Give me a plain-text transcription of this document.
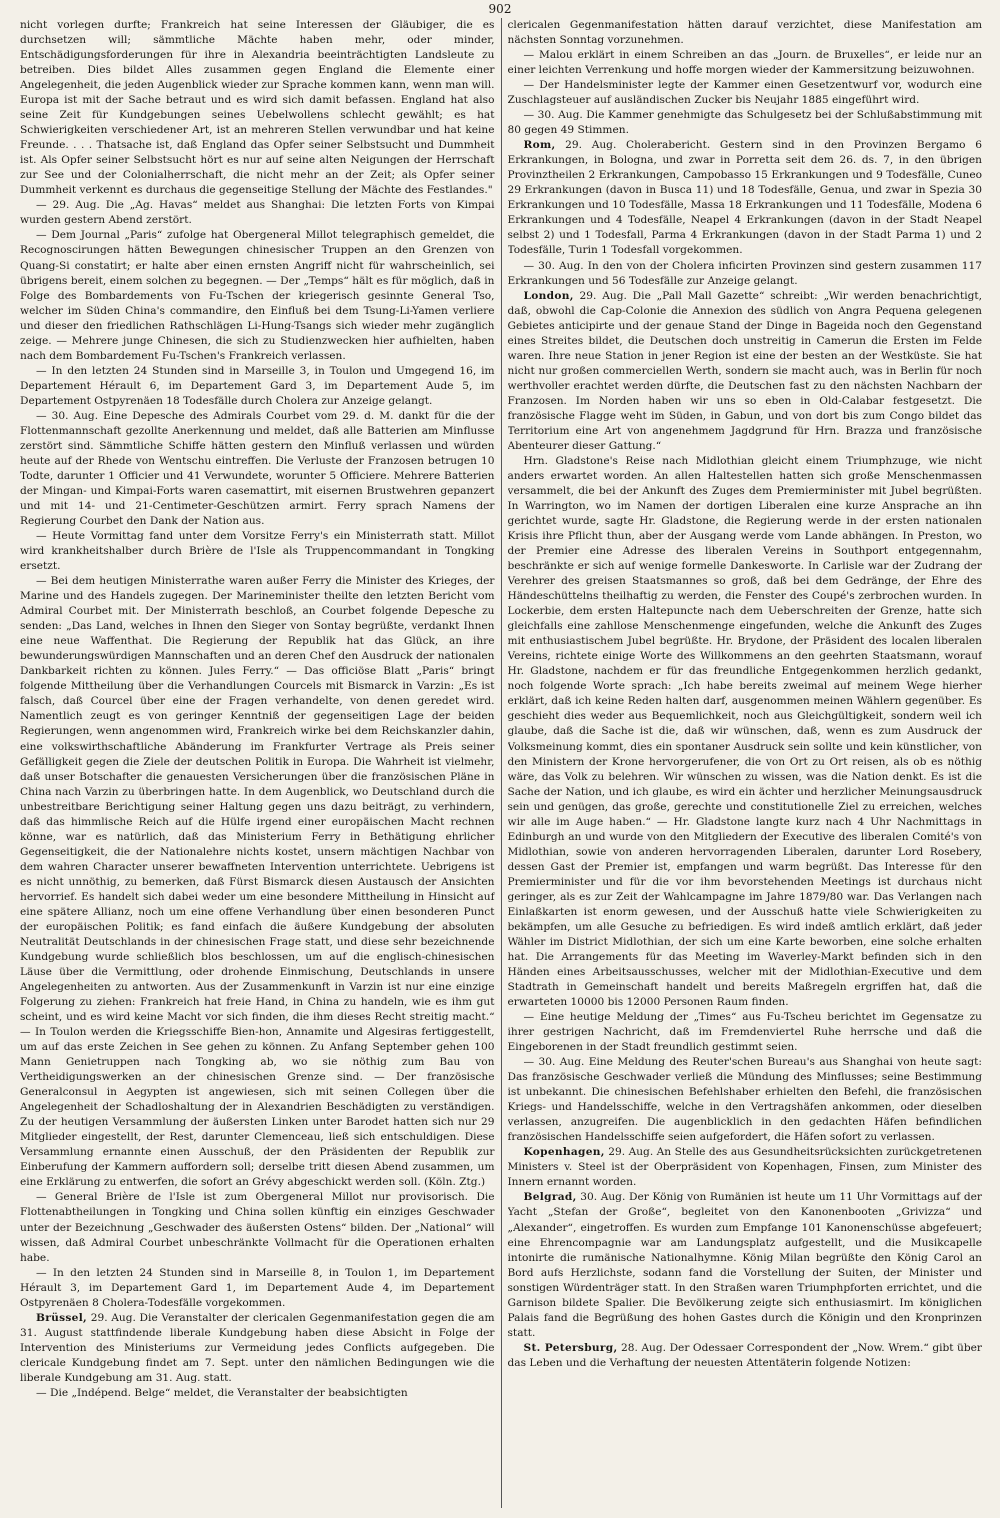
902

nicht vorlegen durfte; Frankreich hat seine Interessen der Gläubiger, die es durchsetzen will; sämmtliche Mächte haben mehr, oder minder, Entschädigungsforderungen für ihre in Alexandria beeinträchtigten Landsleute zu betreiben. Dies bildet Alles zusammen gegen England die Elemente einer Angelegenheit, die jeden Augenblick wieder zur Sprache kommen kann, wenn man will. Europa ist mit der Sache betraut und es wird sich damit befassen. England hat also seine Zeit für Kundgebungen seines Uebelwollens schlecht gewählt; es hat Schwierigkeiten verschiedener Art, ist an mehreren Stellen verwundbar und hat keine Freunde. . . . Thatsache ist, daß England das Opfer seiner Selbstsucht und Dummheit ist. Als Opfer seiner Selbstsucht hört es nur auf seine alten Neigungen der Herrschaft zur See und der Colonialherrschaft, die nicht mehr an der Zeit; als Opfer seiner Dummheit verkennt es durchaus die gegenseitige Stellung der Mächte des Festlandes."

— 29. Aug. Die „Ag. Havas“ meldet aus Shanghai: Die letzten Forts von Kimpai wurden gestern Abend zerstört.

— Dem Journal „Paris“ zufolge hat Obergeneral Millot telegraphisch gemeldet, die Recognoscirungen hätten Bewegungen chinesischer Truppen an den Grenzen von Quang-Si constatirt; er halte aber einen ernsten Angriff nicht für wahrscheinlich, sei übrigens bereit, einem solchen zu begegnen. — Der „Temps“ hält es für möglich, daß in Folge des Bombardements von Fu-Tschen der kriegerisch gesinnte General Tso, welcher im Süden China's commandire, den Einfluß bei dem Tsung-Li-Yamen verliere und dieser den friedlichen Rathschlägen Li-Hung-Tsangs sich wieder mehr zugänglich zeige. — Mehrere junge Chinesen, die sich zu Studienzwecken hier aufhielten, haben nach dem Bombardement Fu-Tschen's Frankreich verlassen.

— In den letzten 24 Stunden sind in Marseille 3, in Toulon und Umgegend 16, im Departement Hérault 6, im Departement Gard 3, im Departement Aude 5, im Departement Ostpyrenäen 18 Todesfälle durch Cholera zur Anzeige gelangt.

— 30. Aug. Eine Depesche des Admirals Courbet vom 29. d. M. dankt für die der Flottenmannschaft gezollte Anerkennung und meldet, daß alle Batterien am Minflusse zerstört sind. Sämmtliche Schiffe hätten gestern den Minfluß verlassen und würden heute auf der Rhede von Wentschu eintreffen. Die Verluste der Franzosen betrugen 10 Todte, darunter 1 Officier und 41 Verwundete, worunter 5 Officiere. Mehrere Batterien der Mingan- und Kimpai-Forts waren casemattirt, mit eisernen Brustwehren gepanzert und mit 14- und 21-Centimeter-Geschützen armirt. Ferry sprach Namens der Regierung Courbet den Dank der Nation aus.

— Heute Vormittag fand unter dem Vorsitze Ferry's ein Ministerrath statt. Millot wird krankheitshalber durch Brière de l'Isle als Truppencommandant in Tongking ersetzt.

— Bei dem heutigen Ministerrathe waren außer Ferry die Minister des Krieges, der Marine und des Handels zugegen. Der Marineminister theilte den letzten Bericht vom Admiral Courbet mit. Der Ministerrath beschloß, an Courbet folgende Depesche zu senden: „Das Land, welches in Ihnen den Sieger von Sontay begrüßte, verdankt Ihnen eine neue Waffenthat. Die Regierung der Republik hat das Glück, an ihre bewunderungswürdigen Mannschaften und an deren Chef den Ausdruck der nationalen Dankbarkeit richten zu können. Jules Ferry.“ — Das officiöse Blatt „Paris“ bringt folgende Mittheilung über die Verhandlungen Courcels mit Bismarck in Varzin: „Es ist falsch, daß Courcel über eine der Fragen verhandelte, von denen geredet wird. Namentlich zeugt es von geringer Kenntniß der gegenseitigen Lage der beiden Regierungen, wenn angenommen wird, Frankreich wirke bei dem Reichskanzler dahin, eine volkswirthschaftliche Abänderung im Frankfurter Vertrage als Preis seiner Gefälligkeit gegen die Ziele der deutschen Politik in Europa. Die Wahrheit ist vielmehr, daß unser Botschafter die genauesten Versicherungen über die französischen Pläne in China nach Varzin zu überbringen hatte. In dem Augenblick, wo Deutschland durch die unbestreitbare Berichtigung seiner Haltung gegen uns dazu beiträgt, zu verhindern, daß das himmlische Reich auf die Hülfe irgend einer europäischen Macht rechnen könne, war es natürlich, daß das Ministerium Ferry in Bethätigung ehrlicher Gegenseitigkeit, die der Nationalehre nichts kostet, unsern mächtigen Nachbar von dem wahren Character unserer bewaffneten Intervention unterrichtete. Uebrigens ist es nicht unnöthig, zu bemerken, daß Fürst Bismarck diesen Austausch der Ansichten hervorrief. Es handelt sich dabei weder um eine besondere Mittheilung in Hinsicht auf eine spätere Allianz, noch um eine offene Verhandlung über einen besonderen Punct der europäischen Politik; es fand einfach die äußere Kundgebung der absoluten Neutralität Deutschlands in der chinesischen Frage statt, und diese sehr bezeichnende Kundgebung wurde schließlich blos beschlossen, um auf die englisch-chinesischen Läuse über die Vermittlung, oder drohende Einmischung, Deutschlands in unsere Angelegenheiten zu antworten. Aus der Zusammenkunft in Varzin ist nur eine einzige Folgerung zu ziehen: Frankreich hat freie Hand, in China zu handeln, wie es ihm gut scheint, und es wird keine Macht vor sich finden, die ihm dieses Recht streitig macht.“ — In Toulon werden die Kriegsschiffe Bien-hon, Annamite und Algesiras fertiggestellt, um auf das erste Zeichen in See gehen zu können. Zu Anfang September gehen 100 Mann Genietruppen nach Tongking ab, wo sie nöthig zum Bau von Vertheidigungswerken an der chinesischen Grenze sind. — Der französische Generalconsul in Aegypten ist angewiesen, sich mit seinen Collegen über die Angelegenheit der Schadloshaltung der in Alexandrien Beschädigten zu verständigen. Zu der heutigen Versammlung der äußersten Linken unter Barodet hatten sich nur 29 Mitglieder eingestellt, der Rest, darunter Clemenceau, ließ sich entschuldigen. Diese Versammlung ernannte einen Ausschuß, der den Präsidenten der Republik zur Einberufung der Kammern auffordern soll; derselbe tritt diesen Abend zusammen, um eine Erklärung zu entwerfen, die sofort an Grévy abgeschickt werden soll. (Köln. Ztg.)

— General Brière de l'Isle ist zum Obergeneral Millot nur provisorisch. Die Flottenabtheilungen in Tongking und China sollen künftig ein einziges Geschwader unter der Bezeichnung „Geschwader des äußersten Ostens“ bilden. Der „National“ will wissen, daß Admiral Courbet unbeschränkte Vollmacht für die Operationen erhalten habe.

— In den letzten 24 Stunden sind in Marseille 8, in Toulon 1, im Departement Hérault 3, im Departement Gard 1, im Departement Aude 4, im Departement Ostpyrenäen 8 Cholera-Todesfälle vorgekommen.

Brüssel, 29. Aug. Die Veranstalter der clericalen Gegenmanifestation gegen die am 31. August stattfindende liberale Kundgebung haben diese Absicht in Folge der Intervention des Ministeriums zur Vermeidung jedes Conflicts aufgegeben. Die clericale Kundgebung findet am 7. Sept. unter den nämlichen Bedingungen wie die liberale Kundgebung am 31. Aug. statt.

— Die „Indépend. Belge“ meldet, die Veranstalter der beabsichtigten

clericalen Gegenmanifestation hätten darauf verzichtet, diese Manifestation am nächsten Sonntag vorzunehmen.

— Malou erklärt in einem Schreiben an das „Journ. de Bruxelles“, er leide nur an einer leichten Verrenkung und hoffe morgen wieder der Kammersitzung beizuwohnen.

— Der Handelsminister legte der Kammer einen Gesetzentwurf vor, wodurch eine Zuschlagsteuer auf ausländischen Zucker bis Neujahr 1885 eingeführt wird.

— 30. Aug. Die Kammer genehmigte das Schulgesetz bei der Schlußabstimmung mit 80 gegen 49 Stimmen.

Rom, 29. Aug. Cholerabericht. Gestern sind in den Provinzen Bergamo 6 Erkrankungen, in Bologna, und zwar in Porretta seit dem 26. ds. 7, in den übrigen Provinztheilen 2 Erkrankungen, Campobasso 15 Erkrankungen und 9 Todesfälle, Cuneo 29 Erkrankungen (davon in Busca 11) und 18 Todesfälle, Genua, und zwar in Spezia 30 Erkrankungen und 10 Todesfälle, Massa 18 Erkrankungen und 11 Todesfälle, Modena 6 Erkrankungen und 4 Todesfälle, Neapel 4 Erkrankungen (davon in der Stadt Neapel selbst 2) und 1 Todesfall, Parma 4 Erkrankungen (davon in der Stadt Parma 1) und 2 Todesfälle, Turin 1 Todesfall vorgekommen.

— 30. Aug. In den von der Cholera inficirten Provinzen sind gestern zusammen 117 Erkrankungen und 56 Todesfälle zur Anzeige gelangt.

London, 29. Aug. Die „Pall Mall Gazette“ schreibt: „Wir werden benachrichtigt, daß, obwohl die Cap-Colonie die Annexion des südlich von Angra Pequena gelegenen Gebietes anticipirte und der genaue Stand der Dinge in Bageida noch den Gegenstand eines Streites bildet, die Deutschen doch unstreitig in Camerun die Ersten im Felde waren. Ihre neue Station in jener Region ist eine der besten an der Westküste. Sie hat nicht nur großen commerciellen Werth, sondern sie macht auch, was in Berlin für noch werthvoller erachtet werden dürfte, die Deutschen fast zu den nächsten Nachbarn der Franzosen. Im Norden haben wir uns so eben in Old-Calabar festgesetzt. Die französische Flagge weht im Süden, in Gabun, und von dort bis zum Congo bildet das Territorium eine Art von angenehmem Jagdgrund für Hrn. Brazza und französische Abenteurer dieser Gattung.“

Hrn. Gladstone's Reise nach Midlothian gleicht einem Triumphzuge, wie nicht anders erwartet worden. An allen Haltestellen hatten sich große Menschenmassen versammelt, die bei der Ankunft des Zuges dem Premierminister mit Jubel begrüßten. In Warrington, wo im Namen der dortigen Liberalen eine kurze Ansprache an ihn gerichtet wurde, sagte Hr. Gladstone, die Regierung werde in der ersten nationalen Krisis ihre Pflicht thun, aber der Ausgang werde vom Lande abhängen. In Preston, wo der Premier eine Adresse des liberalen Vereins in Southport entgegennahm, beschränkte er sich auf wenige formelle Dankesworte. In Carlisle war der Zudrang der Verehrer des greisen Staatsmannes so groß, daß bei dem Gedränge, der Ehre des Händeschüttelns theilhaftig zu werden, die Fenster des Coupé's zerbrochen wurden. In Lockerbie, dem ersten Haltepuncte nach dem Ueberschreiten der Grenze, hatte sich gleichfalls eine zahllose Menschenmenge eingefunden, welche die Ankunft des Zuges mit enthusiastischem Jubel begrüßte. Hr. Brydone, der Präsident des localen liberalen Vereins, richtete einige Worte des Willkommens an den geehrten Staatsmann, worauf Hr. Gladstone, nachdem er für das freundliche Entgegenkommen herzlich gedankt, noch folgende Worte sprach: „Ich habe bereits zweimal auf meinem Wege hierher erklärt, daß ich keine Reden halten darf, ausgenommen meinen Wählern gegenüber. Es geschieht dies weder aus Bequemlichkeit, noch aus Gleichgültigkeit, sondern weil ich glaube, daß die Sache ist die, daß wir wünschen, daß, wenn es zum Ausdruck der Volksmeinung kommt, dies ein spontaner Ausdruck sein sollte und kein künstlicher, von den Ministern der Krone hervorgerufener, die von Ort zu Ort reisen, als ob es nöthig wäre, das Volk zu belehren. Wir wünschen zu wissen, was die Nation denkt. Es ist die Sache der Nation, und ich glaube, es wird ein ächter und herzlicher Meinungsausdruck sein und genügen, das große, gerechte und constitutionelle Ziel zu erreichen, welches wir alle im Auge haben.“ — Hr. Gladstone langte kurz nach 4 Uhr Nachmittags in Edinburgh an und wurde von den Mitgliedern der Executive des liberalen Comité's von Midlothian, sowie von anderen hervorragenden Liberalen, darunter Lord Rosebery, dessen Gast der Premier ist, empfangen und warm begrüßt. Das Interesse für den Premierminister und für die vor ihm bevorstehenden Meetings ist durchaus nicht geringer, als es zur Zeit der Wahlcampagne im Jahre 1879/80 war. Das Verlangen nach Einlaßkarten ist enorm gewesen, und der Ausschuß hatte viele Schwierigkeiten zu bekämpfen, um alle Gesuche zu befriedigen. Es wird indeß amtlich erklärt, daß jeder Wähler im District Midlothian, der sich um eine Karte beworben, eine solche erhalten hat. Die Arrangements für das Meeting im Waverley-Markt befinden sich in den Händen eines Arbeitsausschusses, welcher mit der Midlothian-Executive und dem Stadtrath in Gemeinschaft handelt und bereits Maßregeln ergriffen hat, daß die erwarteten 10000 bis 12000 Personen Raum finden.

— Eine heutige Meldung der „Times“ aus Fu-Tscheu berichtet im Gegensatze zu ihrer gestrigen Nachricht, daß im Fremdenviertel Ruhe herrsche und daß die Eingeborenen in der Stadt freundlich gestimmt seien.

— 30. Aug. Eine Meldung des Reuter'schen Bureau's aus Shanghai von heute sagt: Das französische Geschwader verließ die Mündung des Minflusses; seine Bestimmung ist unbekannt. Die chinesischen Befehlshaber erhielten den Befehl, die französischen Kriegs- und Handelsschiffe, welche in den Vertragshäfen ankommen, oder dieselben verlassen, anzugreifen. Die augenblicklich in den gedachten Häfen befindlichen französischen Handelsschiffe seien aufgefordert, die Häfen sofort zu verlassen.

Kopenhagen, 29. Aug. An Stelle des aus Gesundheitsrücksichten zurückgetretenen Ministers v. Steel ist der Oberpräsident von Kopenhagen, Finsen, zum Minister des Innern ernannt worden.

Belgrad, 30. Aug. Der König von Rumänien ist heute um 11 Uhr Vormittags auf der Yacht „Stefan der Große“, begleitet von den Kanonenbooten „Grivizza“ und „Alexander“, eingetroffen. Es wurden zum Empfange 101 Kanonenschüsse abgefeuert; eine Ehrencompagnie war am Landungsplatz aufgestellt, und die Musikcapelle intonirte die rumänische Nationalhymne. König Milan begrüßte den König Carol an Bord aufs Herzlichste, sodann fand die Vorstellung der Suiten, der Minister und sonstigen Würdenträger statt. In den Straßen waren Triumphpforten errichtet, und die Garnison bildete Spalier. Die Bevölkerung zeigte sich enthusiasmirt. Im königlichen Palais fand die Begrüßung des hohen Gastes durch die Königin und den Kronprinzen statt.

St. Petersburg, 28. Aug. Der Odessaer Correspondent der „Now. Wrem.“ gibt über das Leben und die Verhaftung der neuesten Attentäterin folgende Notizen:
